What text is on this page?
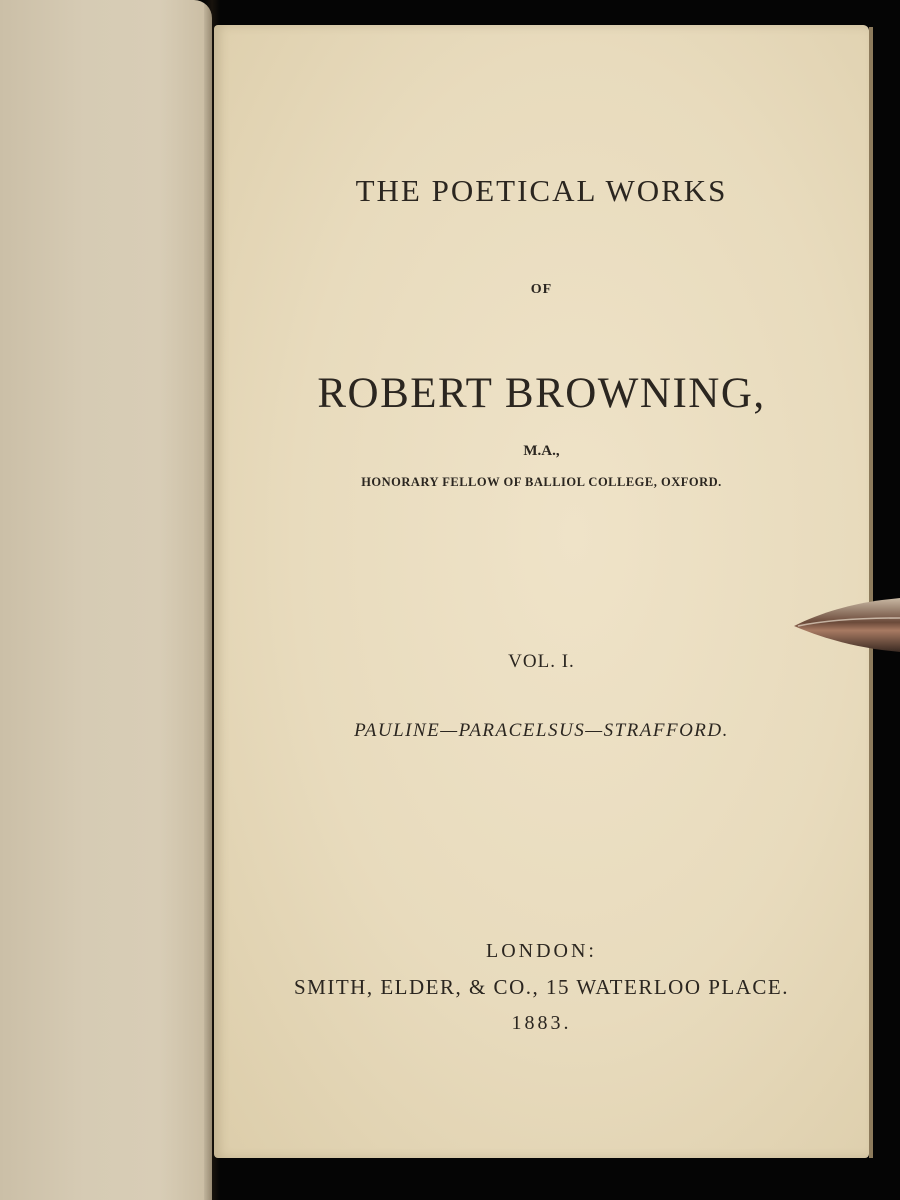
THE POETICAL WORKS
OF
ROBERT BROWNING,
M.A.,
HONORARY FELLOW OF BALLIOL COLLEGE, OXFORD.
VOL. I.
PAULINE—PARACELSUS—STRAFFORD.
LONDON:
SMITH, ELDER, & CO., 15 WATERLOO PLACE.
1883.
